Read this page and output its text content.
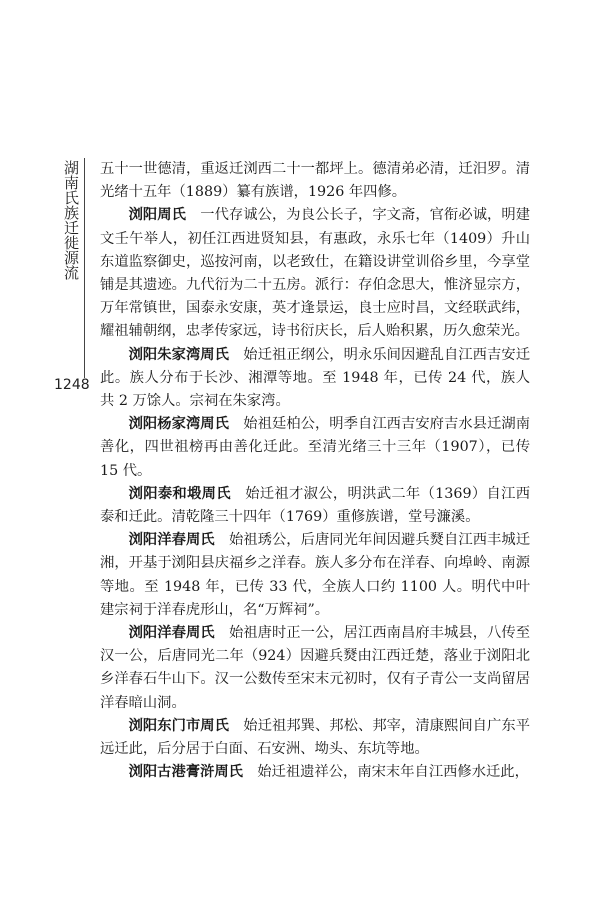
湖南氏族迁徙源流
1248

五十一世德清，重返迁浏西二十一都坪上。德清弟必清，迁汨罗。清光绪十五年（1889）纂有族谱，1926 年四修。

浏阳周氏 一代存诚公，为良公长子，字文斋，官衔必诚，明建文壬午举人，初任江西进贤知县，有惠政，永乐七年（1409）升山东道监察御史，巡按河南，以老致仕，在籍设讲堂训俗乡里，今享堂铺是其遗迹。九代衍为二十五房。派行：存伯念思大，惟济显宗方，万年常镇世，国泰永安康，英才逢景运，良士应时昌，文经联武纬，耀祖辅朝纲，忠孝传家远，诗书衍庆长，后人贻积累，历久愈荣光。

浏阳朱家湾周氏 始迁祖正纲公，明永乐间因避乱自江西吉安迁此。族人分布于长沙、湘潭等地。至 1948 年，已传 24 代，族人共 2 万馀人。宗祠在朱家湾。

浏阳杨家湾周氏 始祖廷柏公，明季自江西吉安府吉水县迁湖南善化，四世祖榜再由善化迁此。至清光绪三十三年（1907），已传 15 代。

浏阳泰和塅周氏 始迁祖才淑公，明洪武二年（1369）自江西泰和迁此。清乾隆三十四年（1769）重修族谱，堂号濂溪。

浏阳洋春周氏 始祖琇公，后唐同光年间因避兵燹自江西丰城迁湘，开基于浏阳县庆福乡之洋春。族人多分布在洋春、向埠岭、南源等地。至 1948 年，已传 33 代，全族人口约 1100 人。明代中叶建宗祠于洋春虎形山，名“万辉祠”。

浏阳洋春周氏 始祖唐时正一公，居江西南昌府丰城县，八传至汉一公，后唐同光二年（924）因避兵燹由江西迁楚，落业于浏阳北乡洋春石牛山下。汉一公数传至宋末元初时，仅有子青公一支尚留居洋春暗山洞。

浏阳东门市周氏 始迁祖邦巽、邦松、邦宰，清康熙间自广东平远迁此，后分居于白面、石安洲、坳头、东坑等地。

浏阳古港膏浒周氏 始迁祖遗祥公，南宋末年自江西修水迁此，
